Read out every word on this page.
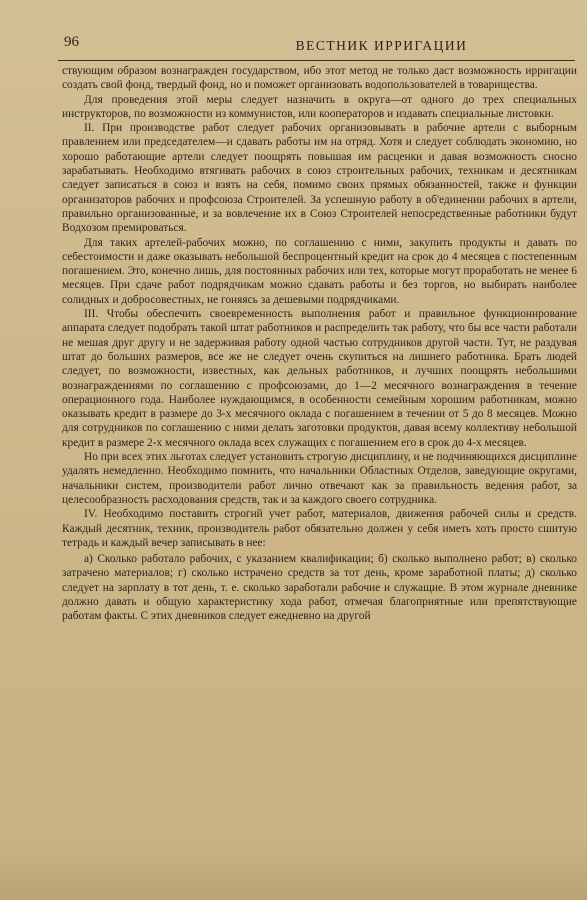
96	ВЕСТНИК ИРРИГАЦИИ

ствующим образом вознагражден государством, ибо этот метод не только даст возможность ирригации создать свой фонд, твердый фонд, но и поможет организовать водопользователей в товарищества.

Для проведения этой меры следует назначить в округа—от одного до трех специальных инструкторов, по возможности из коммунистов, или кооператоров и издавать специальные листовки.

II. При производстве работ следует рабочих организовывать в рабочие артели с выборным правлением или председателем—и сдавать работы им на отряд. Хотя и следует соблюдать экономию, но хорошо работающие артели следует поощрять повышая им расценки и давая возможность сносно зарабатывать. Необходимо втягивать рабочих в союз строительных рабочих, техникам и десятникам следует записаться в союз и взять на себя, помимо своих прямых обязанностей, также и функции организаторов рабочих и профсоюза Строителей. За успешную работу в об'единении рабочих в артели, правильно организованные, и за вовлечение их в Союз Строителей непосредственные работники будут Водхозом премироваться.

Для таких артелей-рабочих можно, по соглашению с ними, закупить продукты и давать по себестоимости и даже оказывать небольшой беспроцентный кредит на срок до 4 месяцев с постепенным погашением. Это, конечно лишь, для постоянных рабочих или тех, которые могут проработать не менее 6 месяцев. При сдаче работ подрядчикам можно сдавать работы и без торгов, но выбирать наиболее солидных и добросовестных, не гоняясь за дешевыми подрядчиками.

III. Чтобы обеспечить своевременность выполнения работ и правильное функционирование аппарата следует подобрать такой штат работников и распределить так работу, что бы все части работали не мешая друг другу и не задерживая работу одной частью сотрудников другой части. Тут, не раздувая штат до больших размеров, все же не следует очень скупиться на лишнего работника. Брать людей следует, по возможности, известных, как дельных работников, и лучших поощрять небольшими вознаграждениями по соглашению с профсоюзами, до 1—2 месячного вознаграждения в течение операционного года. Наиболее нуждающимся, в особенности семейным хорошим работникам, можно оказывать кредит в размере до 3-х месячного оклада с погашением в течении от 5 до 8 месяцев. Можно для сотрудников по соглашению с ними делать заготовки продуктов, давая всему коллективу небольшой кредит в размере 2-х месячного оклада всех служащих с погашением его в срок до 4-х месяцев.

Но при всех этих льготах следует установить строгую дисциплину, и не подчиняющихся дисциплине удалять немедленно. Необходимо помнить, что начальники Областных Отделов, заведующие округами, начальники систем, производители работ лично отвечают как за правильность ведения работ, за целесообразность расходования средств, так и за каждого своего сотрудника.

IV. Необходимо поставить строгий учет работ, материалов, движения рабочей силы и средств. Каждый десятник, техник, производитель работ обязательно должен у себя иметь хоть просто сшитую тетрадь и каждый вечер записывать в нее:

а) Сколько работало рабочих, с указанием квалификации; б) сколько выполнено работ; в) сколько затрачено материалов; г) сколько истрачено средств за тот день, кроме заработной платы; д) сколько следует на зарплату в тот день, т. е. сколько заработали рабочие и служащие. В этом журнале дневнике должно давать и общую характеристику хода работ, отмечая благоприятные или препятствующие работам факты. С этих дневников следует ежедневно на другой
